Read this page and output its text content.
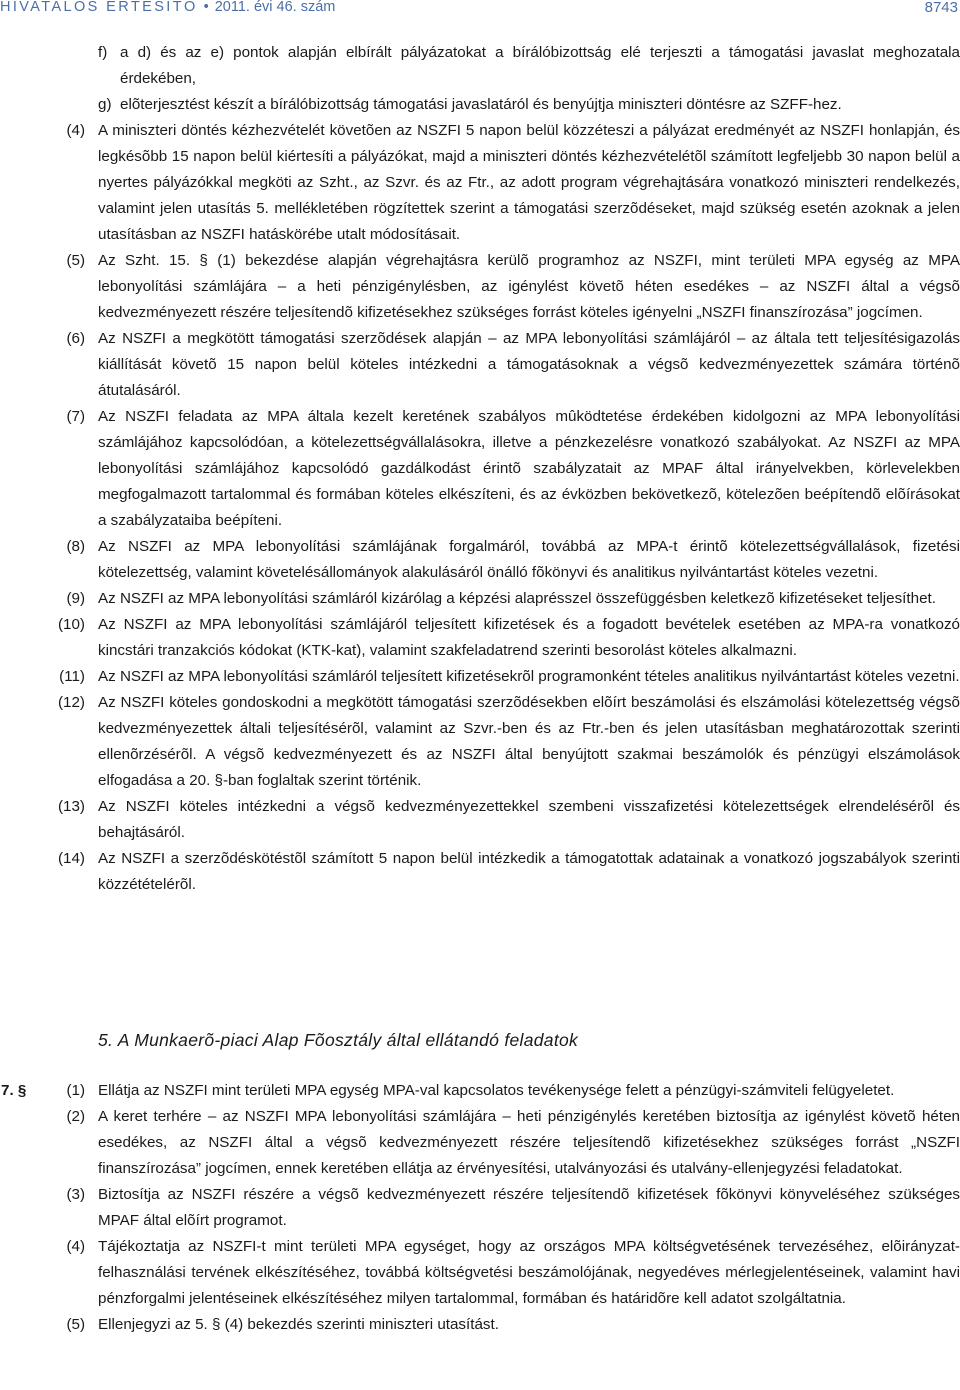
HIVATALOS ÉRTESÍTÕ • 2011. évi 46. szám	8743
f) a d) és az e) pontok alapján elbírált pályázatokat a bírálóbizottság elé terjeszti a támogatási javaslat meghozatala érdekében,
g) elõterjesztést készít a bírálóbizottság támogatási javaslatáról és benyújtja miniszteri döntésre az SZFF-hez.
(4) A miniszteri döntés kézhezvételét követõen az NSZFI 5 napon belül közzéteszi a pályázat eredményét az NSZFI honlapján, és legkésõbb 15 napon belül kiértesíti a pályázókat, majd a miniszteri döntés kézhezvételétõl számított legfeljebb 30 napon belül a nyertes pályázókkal megköti az Szht., az Szvr. és az Ftr., az adott program végrehajtására vonatkozó miniszteri rendelkezés, valamint jelen utasítás 5. mellékletében rögzítettek szerint a támogatási szerzõdéseket, majd szükség esetén azoknak a jelen utasításban az NSZFI hatáskörébe utalt módosításait.
(5) Az Szht. 15. § (1) bekezdése alapján végrehajtásra kerülõ programhoz az NSZFI, mint területi MPA egység az MPA lebonyolítási számlájára – a heti pénzigénylésben, az igénylést követõ héten esedékes – az NSZFI által a végsõ kedvezményezett részére teljesítendõ kifizetésekhez szükséges forrást köteles igényelni „NSZFI finanszírozása” jogcímen.
(6) Az NSZFI a megkötött támogatási szerzõdések alapján – az MPA lebonyolítási számlájáról – az általa tett teljesítésigazolás kiállítását követõ 15 napon belül köteles intézkedni a támogatásoknak a végsõ kedvezményezettek számára történõ átutalásáról.
(7) Az NSZFI feladata az MPA általa kezelt keretének szabályos mûködtetése érdekében kidolgozni az MPA lebonyolítási számlájához kapcsolódóan, a kötelezettségvállalásokra, illetve a pénzkezelésre vonatkozó szabályokat. Az NSZFI az MPA lebonyolítási számlájához kapcsolódó gazdálkodást érintõ szabályzatait az MPAF által irányelvekben, körlevelekben megfogalmazott tartalommal és formában köteles elkészíteni, és az évközben bekövetkezõ, kötelezõen beépítendõ elõírásokat a szabályzataiba beépíteni.
(8) Az NSZFI az MPA lebonyolítási számlájának forgalmáról, továbbá az MPA-t érintõ kötelezettségvállalások, fizetési kötelezettség, valamint követelésállományok alakulásáról önálló fõkönyvi és analitikus nyilvántartást köteles vezetni.
(9) Az NSZFI az MPA lebonyolítási számláról kizárólag a képzési alaprésszel összefüggésben keletkezõ kifizetéseket teljesíthet.
(10) Az NSZFI az MPA lebonyolítási számlájáról teljesített kifizetések és a fogadott bevételek esetében az MPA-ra vonatkozó kincstári tranzakciós kódokat (KTK-kat), valamint szakfeladatrend szerinti besorolást köteles alkalmazni.
(11) Az NSZFI az MPA lebonyolítási számláról teljesített kifizetésekrõl programonként tételes analitikus nyilvántartást köteles vezetni.
(12) Az NSZFI köteles gondoskodni a megkötött támogatási szerzõdésekben elõírt beszámolási és elszámolási kötelezettség végsõ kedvezményezettek általi teljesítésérõl, valamint az Szvr.-ben és az Ftr.-ben és jelen utasításban meghatározottak szerinti ellenõrzésérõl. A végsõ kedvezményezett és az NSZFI által benyújtott szakmai beszámolók és pénzügyi elszámolások elfogadása a 20. §-ban foglaltak szerint történik.
(13) Az NSZFI köteles intézkedni a végsõ kedvezményezettekkel szembeni visszafizetési kötelezettségek elrendelésérõl és behajtásáról.
(14) Az NSZFI a szerzõdéskötéstõl számított 5 napon belül intézkedik a támogatottak adatainak a vonatkozó jogszabályok szerinti közzétételérõl.
5. A Munkaerõ-piaci Alap Fõosztály által ellátandó feladatok
7. §	(1) Ellátja az NSZFI mint területi MPA egység MPA-val kapcsolatos tevékenysége felett a pénzügyi-számviteli felügyeletet.
(2) A keret terhére – az NSZFI MPA lebonyolítási számlájára – heti pénzigénylés keretében biztosítja az igénylést követõ héten esedékes, az NSZFI által a végsõ kedvezményezett részére teljesítendõ kifizetésekhez szükséges forrást „NSZFI finanszírozása” jogcímen, ennek keretében ellátja az érvényesítési, utalványozási és utalvány-ellenjegyzési feladatokat.
(3) Biztosítja az NSZFI részére a végsõ kedvezményezett részére teljesítendõ kifizetések fõkönyvi könyveléséhez szükséges MPAF által elõírt programot.
(4) Tájékoztatja az NSZFI-t mint területi MPA egységet, hogy az országos MPA költségvetésének tervezéséhez, elõirányzat-felhasználási tervének elkészítéséhez, továbbá költségvetési beszámolójának, negyedéves mérlegjelentéseinek, valamint havi pénzforgalmi jelentéseinek elkészítéséhez milyen tartalommal, formában és határidõre kell adatot szolgáltatnia.
(5) Ellenjegyzi az 5. § (4) bekezdés szerinti miniszteri utasítást.
